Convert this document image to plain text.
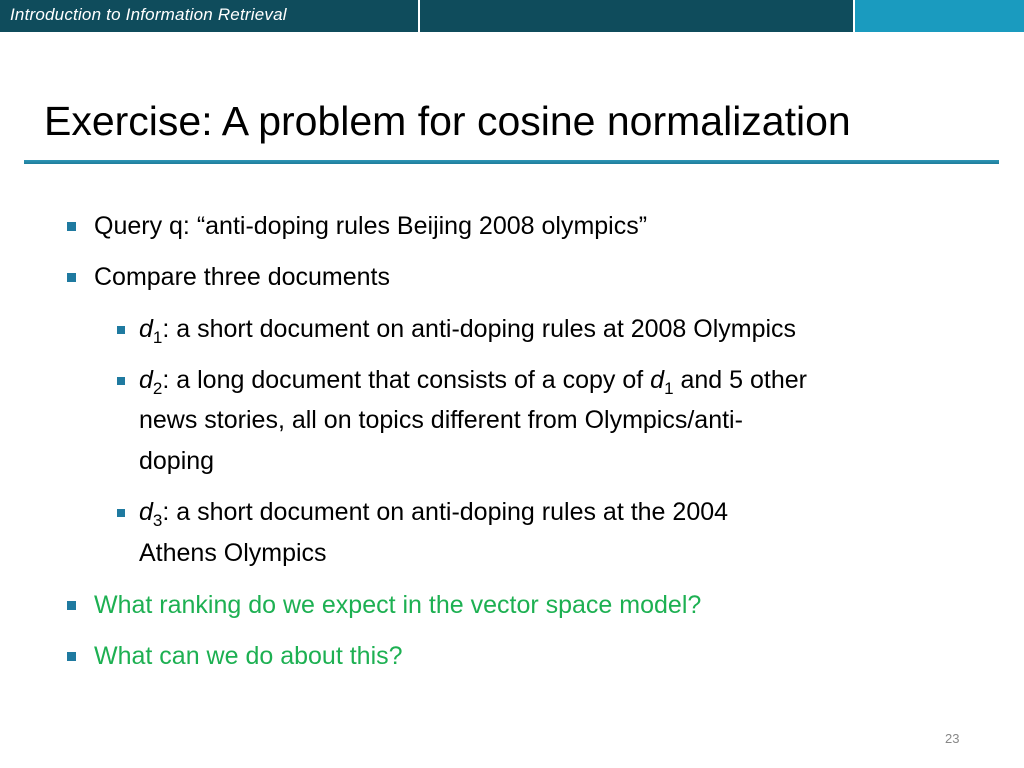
Introduction to Information Retrieval
Exercise: A problem for cosine normalization
Query q: “anti-doping rules Beijing 2008 olympics”
Compare three documents
$d_1$: a short document on anti-doping rules at 2008 Olympics
$d_2$: a long document that consists of a copy of $d_1$ and 5 other
news stories, all on topics different from Olympics/anti-
doping
$d_3$: a short document on anti-doping rules at the 2004
Athens Olympics
What ranking do we expect in the vector space model?
What can we do about this?
23
